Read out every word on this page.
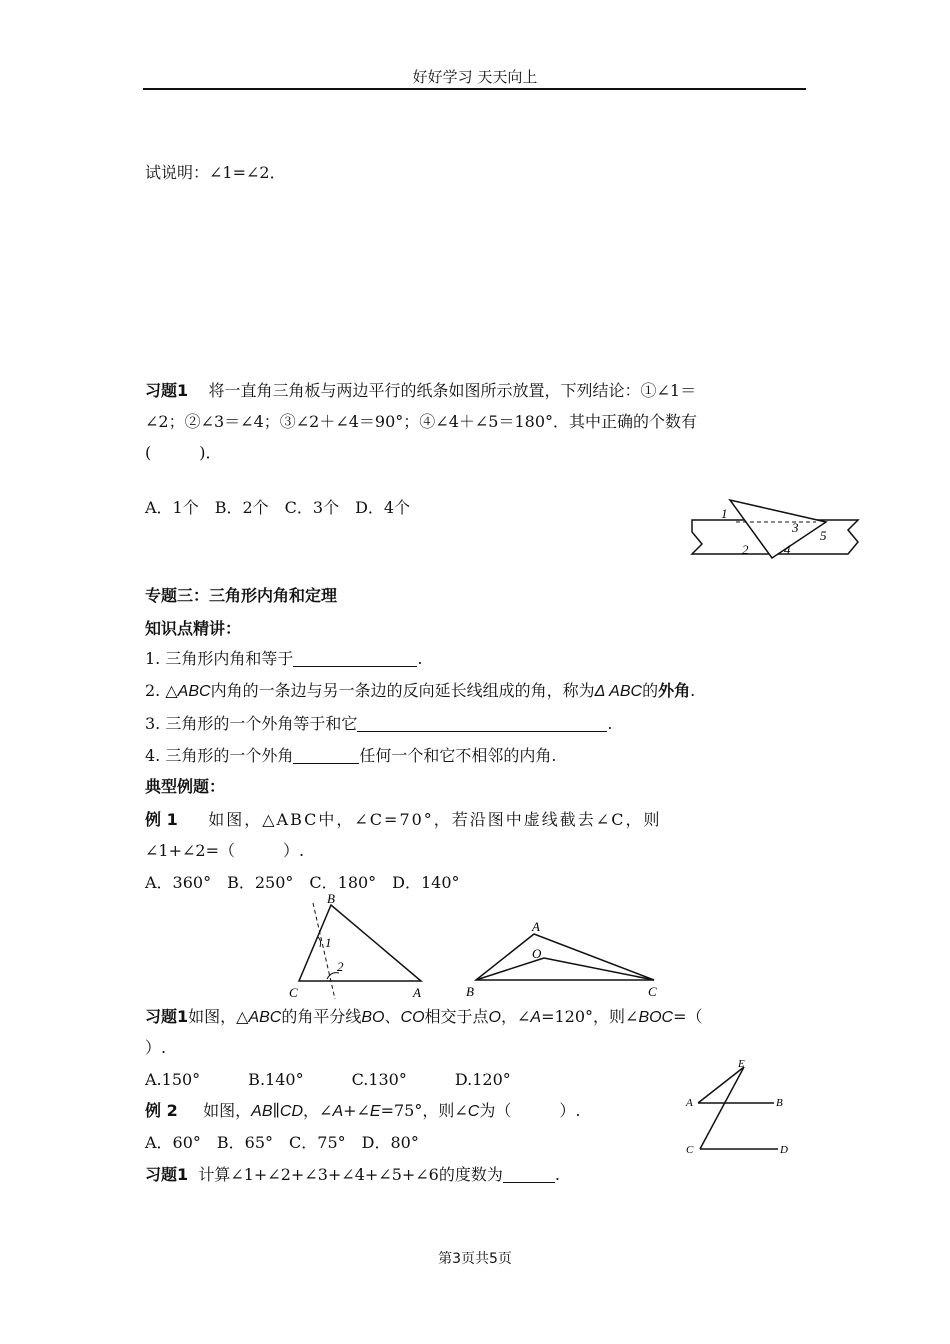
好好学习 天天向上
试说明：∠1=∠2．
习题1 将一直角三角板与两边平行的纸条如图所示放置，下列结论：①∠1＝
∠2；②∠3＝∠4；③∠2＋∠4＝90°；④∠4＋∠5＝180°．其中正确的个数有
(　　　)．
A．1个　B．2个　C．3个　D．4个	1
3
5
2	4
专题三：三角形内角和定理
知识点精讲：
1. 三角形内角和等于	.
2. △ABC内角的一条边与另一条边的反向延长线组成的角，称为Δ ABC的外角.
3. 三角形的一个外角等于和它	.
4. 三角形的一个外角	任何一个和它不相邻的内角.
典型例题：
例 1 如图，△ABC中，∠C=70°，若沿图中虚线截去∠C，则
∠1+∠2=（　　　）.
A．360°　B．250°　C．180°　D．140°
B
C	A
1
2
A
O
B	C
习题1如图，△ABC的角平分线BO、CO相交于点O，∠A=120°，则∠BOC=（
）.
A.150°　　　B.140°　　　C.130°　　　D.120°
例 2 如图，AB∥CD，∠A+∠E=75°，则∠C为（　　　）.
A．60°　B．65°　C．75°　D．80°
E
A	B
C	D
习题1 计算∠1+∠2+∠3+∠4+∠5+∠6的度数为	.
第3页共5页
